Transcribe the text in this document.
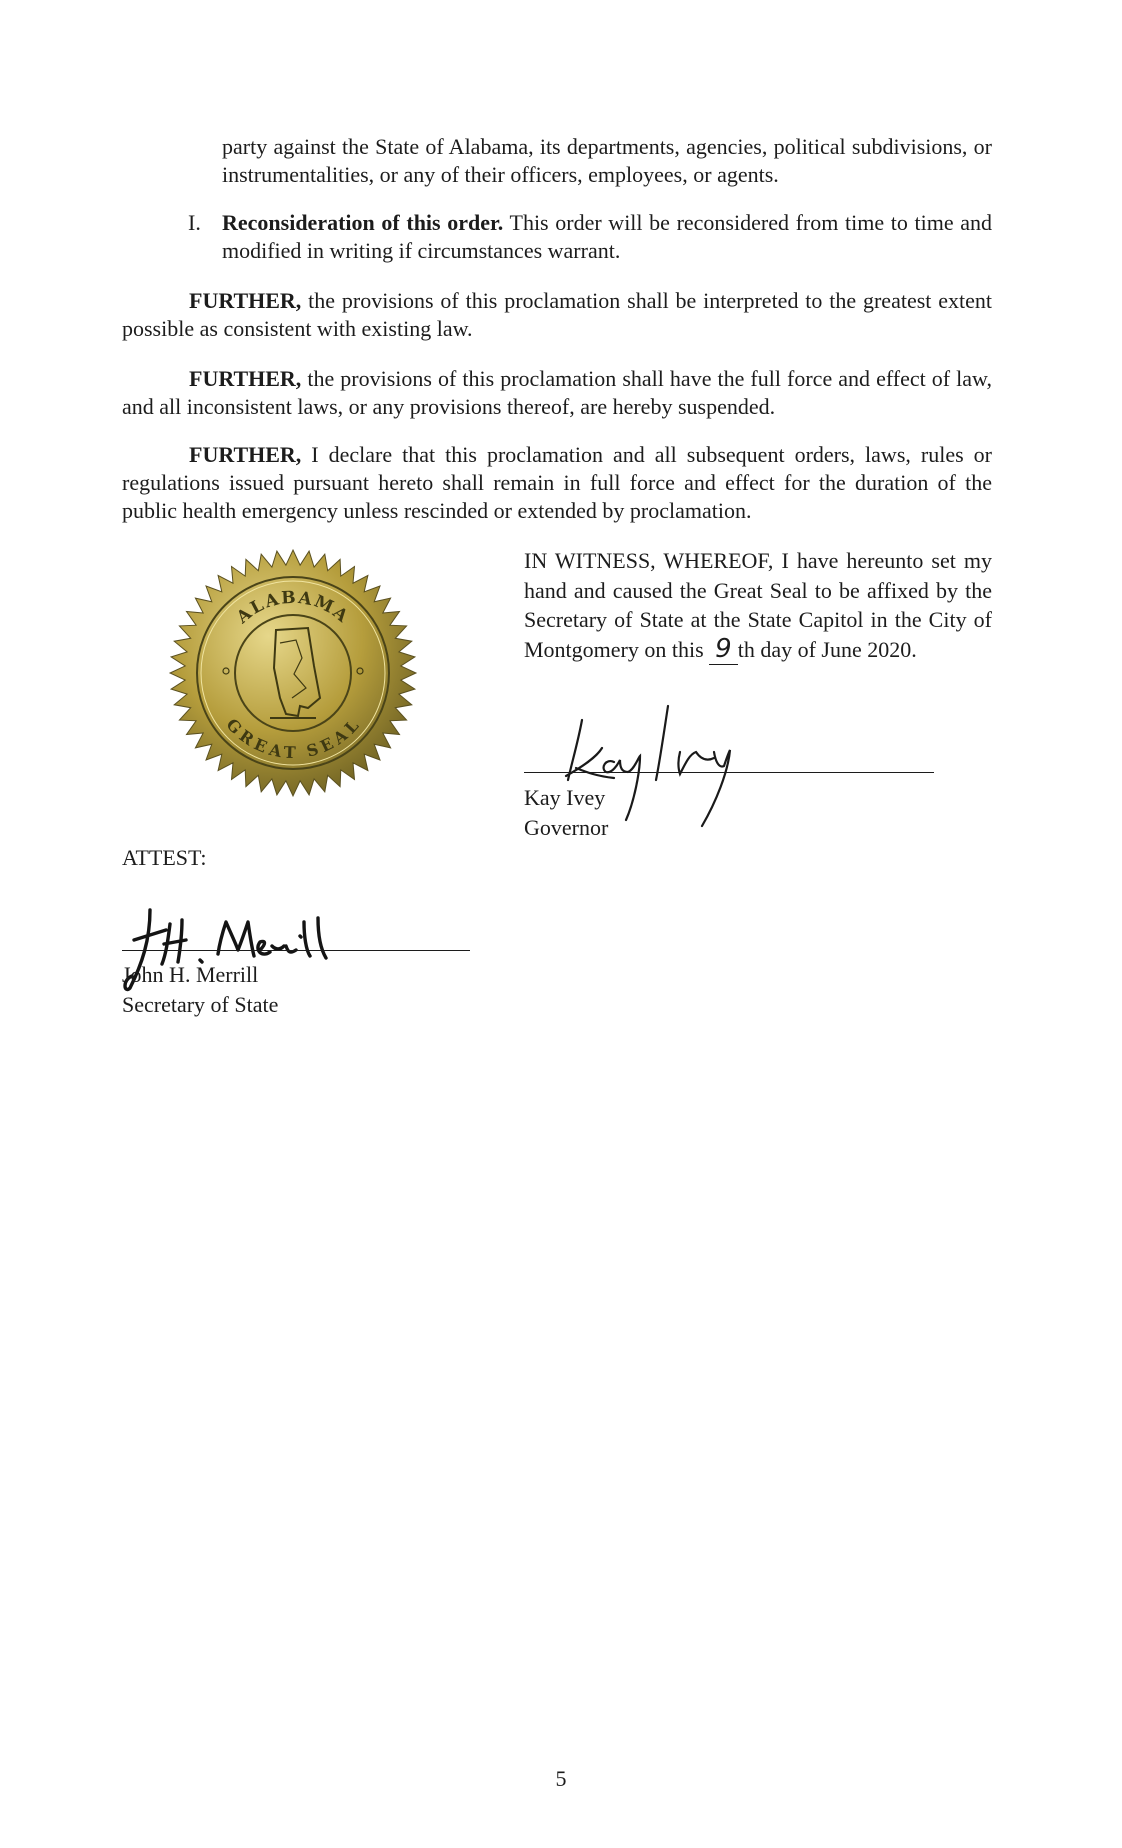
party against the State of Alabama, its departments, agencies, political subdivisions, or instrumentalities, or any of their officers, employees, or agents.

I. Reconsideration of this order. This order will be reconsidered from time to time and modified in writing if circumstances warrant.

FURTHER, the provisions of this proclamation shall be interpreted to the greatest extent possible as consistent with existing law.

FURTHER, the provisions of this proclamation shall have the full force and effect of law, and all inconsistent laws, or any provisions thereof, are hereby suspended.

FURTHER, I declare that this proclamation and all subsequent orders, laws, rules or regulations issued pursuant hereto shall remain in full force and effect for the duration of the public health emergency unless rescinded or extended by proclamation.

ALABAMA
GREAT SEAL

IN WITNESS, WHEREOF, I have hereunto set my hand and caused the Great Seal to be affixed by the Secretary of State at the State Capitol in the City of Montgomery on this 9 th day of June 2020.

Kay Ivey
Governor
ATTEST:
John H. Merrill
Secretary of State
5
